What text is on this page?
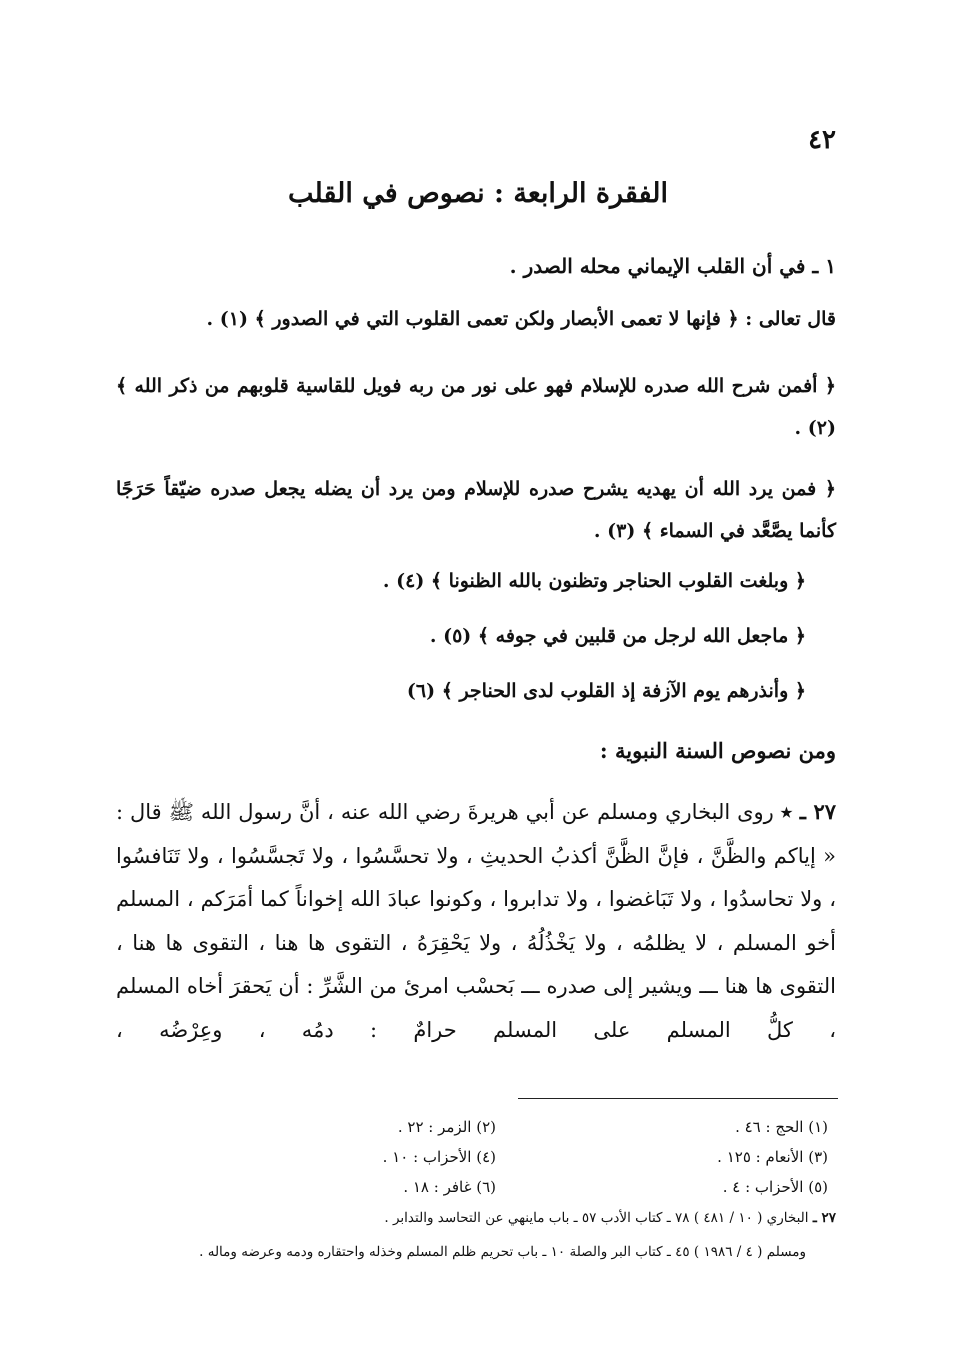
٤٢

الفقرة الرابعة : نصوص في القلب

١ ـ في أن القلب الإيماني محله الصدر .

قال تعالى : ﴿ فإنها لا تعمى الأبصار ولكن تعمى القلوب التي في الصدور ﴾ (١) .

﴿ أفمن شرح الله صدره للإسلام فهو على نور من ربه فويل للقاسية قلوبهم من ذكر الله ﴾ (٢) .

﴿ فمن يرد الله أن يهديه يشرح صدره للإسلام ومن يرد أن يضله يجعل صدره ضيّقاً حَرَجًا كأنما يصَّعَّد في السماء ﴾ (٣) .

﴿ وبلغت القلوب الحناجر وتظنون بالله الظنونا ﴾ (٤) .

﴿ ماجعل الله لرجل من قلبين في جوفه ﴾ (٥) .

﴿ وأنذرهم يوم الآزفة إذ القلوب لدى الحناجر ﴾ (٦)

ومن نصوص السنة النبوية :

٢٧ ـ ٭ روى البخاري ومسلم عن أبي هريرةَ رضي الله عنه ، أنَّ رسول الله ﷺ قال : « إياكم والظَّنَّ ، فإنَّ الظَّنَّ أكذبُ الحديثِ ، ولا تحسَّسُوا ، ولا تَجسَّسُوا ، ولا تَنَافسُوا ، ولا تحاسدُوا ، ولا تَبَاغضوا ، ولا تدابروا ، وكونوا عبادَ الله إخواناً كما أمَرَكم ، المسلم أخو المسلم ، لا يظلمُه ، ولا يَخْذُلُهُ ، ولا يَحْقِرَهُ ، التقوى ها هنا ، التقوى ها هنا ، التقوى ها هنا ـــ ويشير إلى صدره ـــ بَحسْب امرئ من الشَّرِّ : أن يَحقرَ أخاه المسلم ، كلُّ المسلم على المسلم حرامٌ : دمُه ، وعِرْضُه ،

(١) الحج : ٤٦ .

(٢) الزمر : ٢٢ .

(٣) الأنعام : ١٢٥ .

(٤) الأحزاب : ١٠ .

(٥) الأحزاب : ٤ .

(٦) غافر : ١٨ .

٢٧ ـ البخاري ( ١٠ / ٤٨١ ) ٧٨ ـ كتاب الأدب ٥٧ ـ باب ماينهي عن التحاسد والتدابر .

ومسلم ( ٤ / ١٩٨٦ ) ٤٥ ـ كتاب البر والصلة ١٠ ـ باب تحريم ظلم المسلم وخذله واحتقاره ودمه وعرضه وماله .
